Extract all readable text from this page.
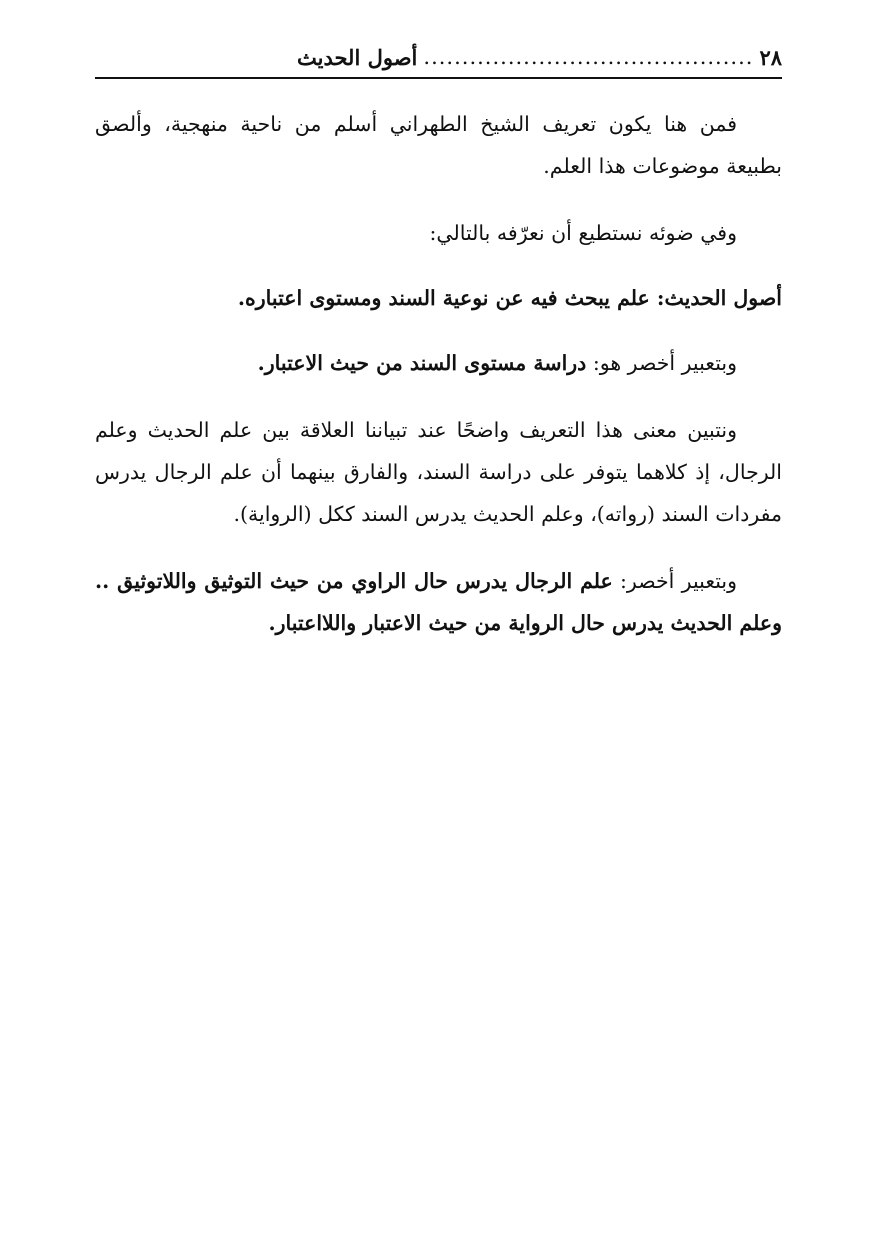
٢٨
...........................................
أصول الحديث

فمن هنا يكون تعريف الشيخ الطهراني أسلم من ناحية منهجية، وألصق بطبيعة موضوعات هذا العلم.

وفي ضوئه نستطيع أن نعرّفه بالتالي:

أصول الحديث: علم يبحث فيه عن نوعية السند ومستوى اعتباره.

وبتعبير أخصر هو: دراسة مستوى السند من حيث الاعتبار.

ونتبين معنى هذا التعريف واضحًا عند تبياننا العلاقة بين علم الحديث وعلم الرجال، إذ كلاهما يتوفر على دراسة السند، والفارق بينهما أن علم الرجال يدرس مفردات السند (رواته)، وعلم الحديث يدرس السند ككل (الرواية).

وبتعبير أخصر: علم الرجال يدرس حال الراوي من حيث التوثيق واللاتوثيق .. وعلم الحديث يدرس حال الرواية من حيث الاعتبار واللااعتبار.
